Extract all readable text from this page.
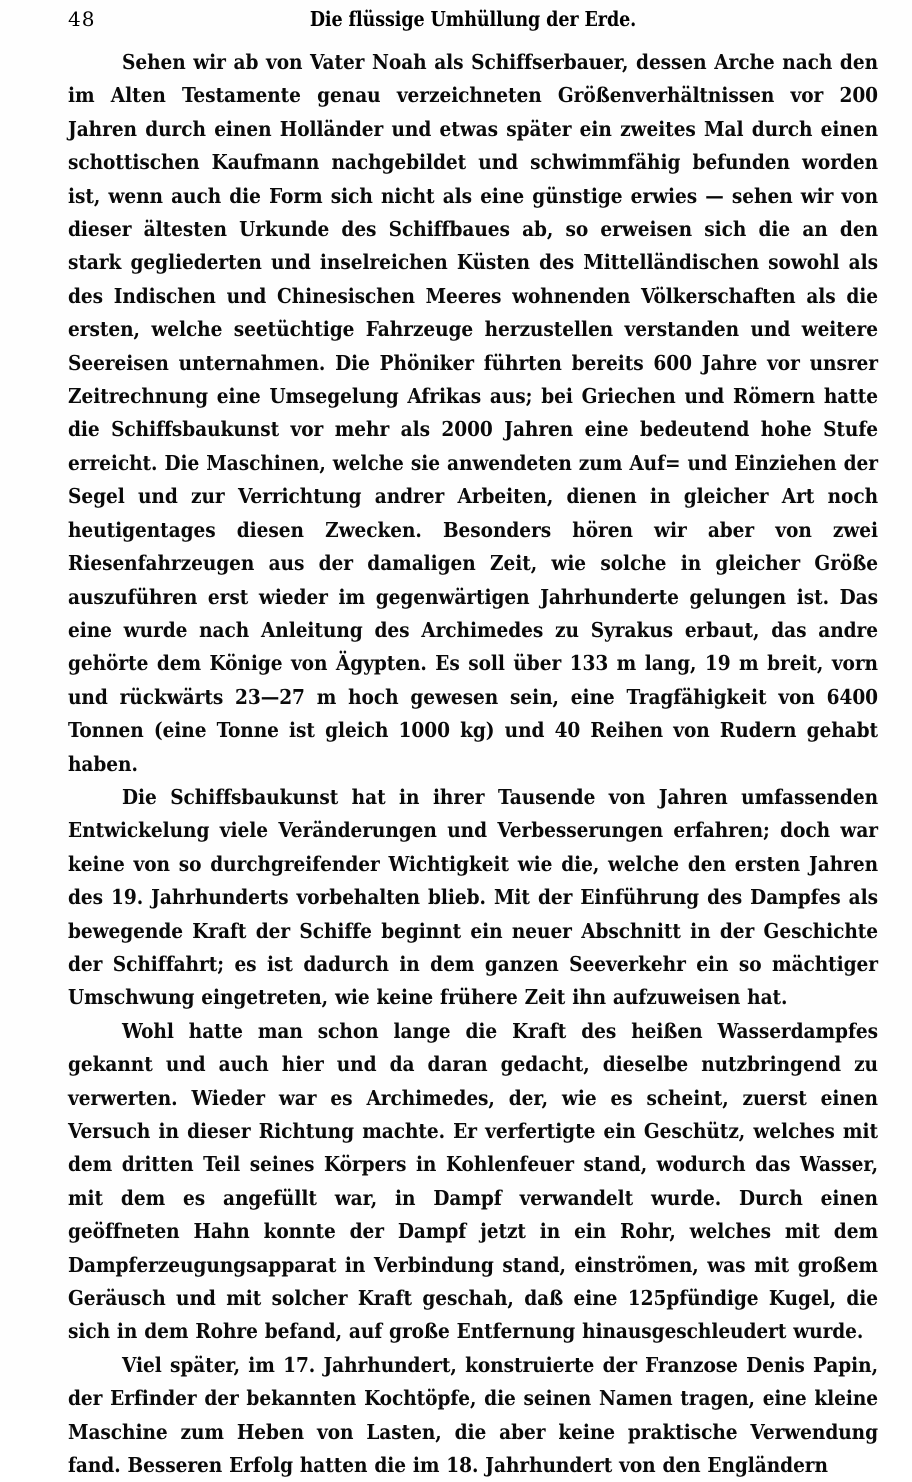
48	Die flüssige Umhüllung der Erde.

Sehen wir ab von Vater Noah als Schiffserbauer, dessen Arche nach den im Alten Testamente genau verzeichneten Größenverhältnissen vor 200 Jahren durch einen Holländer und etwas später ein zweites Mal durch einen schottischen Kaufmann nachgebildet und schwimmfähig befunden worden ist, wenn auch die Form sich nicht als eine günstige erwies — sehen wir von dieser ältesten Urkunde des Schiffbaues ab, so erweisen sich die an den stark gegliederten und inselreichen Küsten des Mittelländischen sowohl als des Indischen und Chinesischen Meeres wohnenden Völkerschaften als die ersten, welche seetüchtige Fahrzeuge herzustellen verstanden und weitere Seereisen unternahmen. Die Phöniker führten bereits 600 Jahre vor unsrer Zeitrechnung eine Umsegelung Afrikas aus; bei Griechen und Römern hatte die Schiffsbaukunst vor mehr als 2000 Jahren eine bedeutend hohe Stufe erreicht. Die Maschinen, welche sie anwendeten zum Auf= und Einziehen der Segel und zur Verrichtung andrer Arbeiten, dienen in gleicher Art noch heutigentages diesen Zwecken. Besonders hören wir aber von zwei Riesenfahrzeugen aus der damaligen Zeit, wie solche in gleicher Größe auszuführen erst wieder im gegenwärtigen Jahrhunderte gelungen ist. Das eine wurde nach Anleitung des Archimedes zu Syrakus erbaut, das andre gehörte dem Könige von Ägypten. Es soll über 133 m lang, 19 m breit, vorn und rückwärts 23—27 m hoch gewesen sein, eine Tragfähigkeit von 6400 Tonnen (eine Tonne ist gleich 1000 kg) und 40 Reihen von Rudern gehabt haben.

Die Schiffsbaukunst hat in ihrer Tausende von Jahren umfassenden Entwickelung viele Veränderungen und Verbesserungen erfahren; doch war keine von so durchgreifender Wichtigkeit wie die, welche den ersten Jahren des 19. Jahrhunderts vorbehalten blieb. Mit der Einführung des Dampfes als bewegende Kraft der Schiffe beginnt ein neuer Abschnitt in der Geschichte der Schiffahrt; es ist dadurch in dem ganzen Seeverkehr ein so mächtiger Umschwung eingetreten, wie keine frühere Zeit ihn aufzuweisen hat.

Wohl hatte man schon lange die Kraft des heißen Wasserdampfes gekannt und auch hier und da daran gedacht, dieselbe nutzbringend zu verwerten. Wieder war es Archimedes, der, wie es scheint, zuerst einen Versuch in dieser Richtung machte. Er verfertigte ein Geschütz, welches mit dem dritten Teil seines Körpers in Kohlenfeuer stand, wodurch das Wasser, mit dem es angefüllt war, in Dampf verwandelt wurde. Durch einen geöffneten Hahn konnte der Dampf jetzt in ein Rohr, welches mit dem Dampferzeugungsapparat in Verbindung stand, einströmen, was mit großem Geräusch und mit solcher Kraft geschah, daß eine 125pfündige Kugel, die sich in dem Rohre befand, auf große Entfernung hinausgeschleudert wurde.

Viel später, im 17. Jahrhundert, konstruierte der Franzose Denis Papin, der Erfinder der bekannten Kochtöpfe, die seinen Namen tragen, eine kleine Maschine zum Heben von Lasten, die aber keine praktische Verwendung fand. Besseren Erfolg hatten die im 18. Jahrhundert von den Engländern
